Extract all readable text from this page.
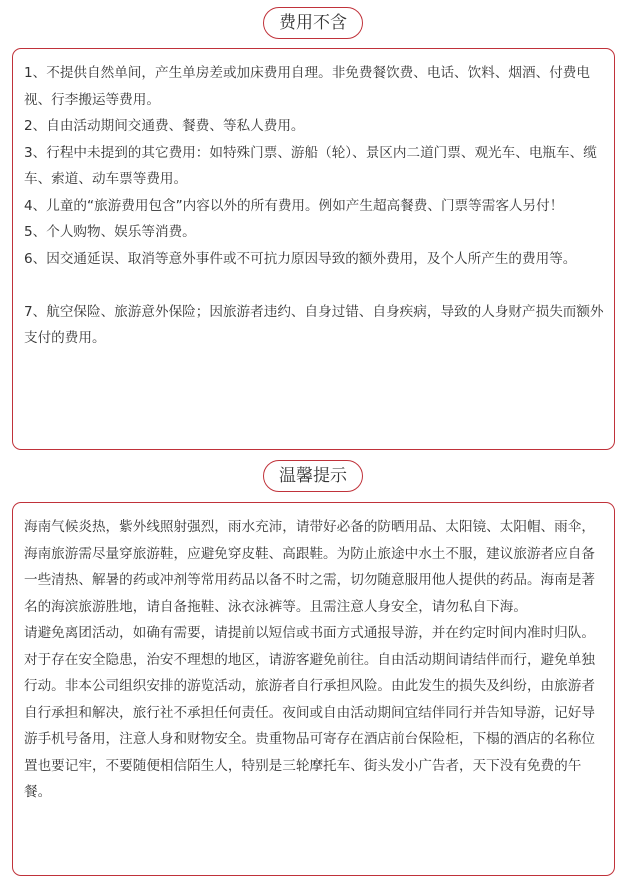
费用不含

1、不提供自然单间，产生单房差或加床费用自理。非免费餐饮费、电话、饮料、烟酒、付费电视、行李搬运等费用。

2、自由活动期间交通费、餐费、等私人费用。

3、行程中未提到的其它费用：如特殊门票、游船（轮）、景区内二道门票、观光车、电瓶车、缆车、索道、动车票等费用。

4、儿童的“旅游费用包含”内容以外的所有费用。例如产生超高餐费、门票等需客人另付！

5、个人购物、娱乐等消费。

6、因交通延误、取消等意外事件或不可抗力原因导致的额外费用，及个人所产生的费用等。

7、航空保险、旅游意外保险；因旅游者违约、自身过错、自身疾病，导致的人身财产损失而额外支付的费用。

温馨提示

海南气候炎热，紫外线照射强烈，雨水充沛，请带好必备的防晒用品、太阳镜、太阳帽、雨伞，海南旅游需尽量穿旅游鞋，应避免穿皮鞋、高跟鞋。为防止旅途中水土不服，建议旅游者应自备一些清热、解暑的药或冲剂等常用药品以备不时之需，切勿随意服用他人提供的药品。海南是著名的海滨旅游胜地，请自备拖鞋、泳衣泳裤等。且需注意人身安全，请勿私自下海。

请避免离团活动，如确有需要，请提前以短信或书面方式通报导游，并在约定时间内准时归队。对于存在安全隐患，治安不理想的地区，请游客避免前往。自由活动期间请结伴而行，避免单独行动。非本公司组织安排的游览活动，旅游者自行承担风险。由此发生的损失及纠纷，由旅游者自行承担和解决，旅行社不承担任何责任。夜间或自由活动期间宜结伴同行并告知导游，记好导游手机号备用，注意人身和财物安全。贵重物品可寄存在酒店前台保险柜，下榻的酒店的名称位置也要记牢，不要随便相信陌生人，特别是三轮摩托车、街头发小广告者，天下没有免费的午餐。
